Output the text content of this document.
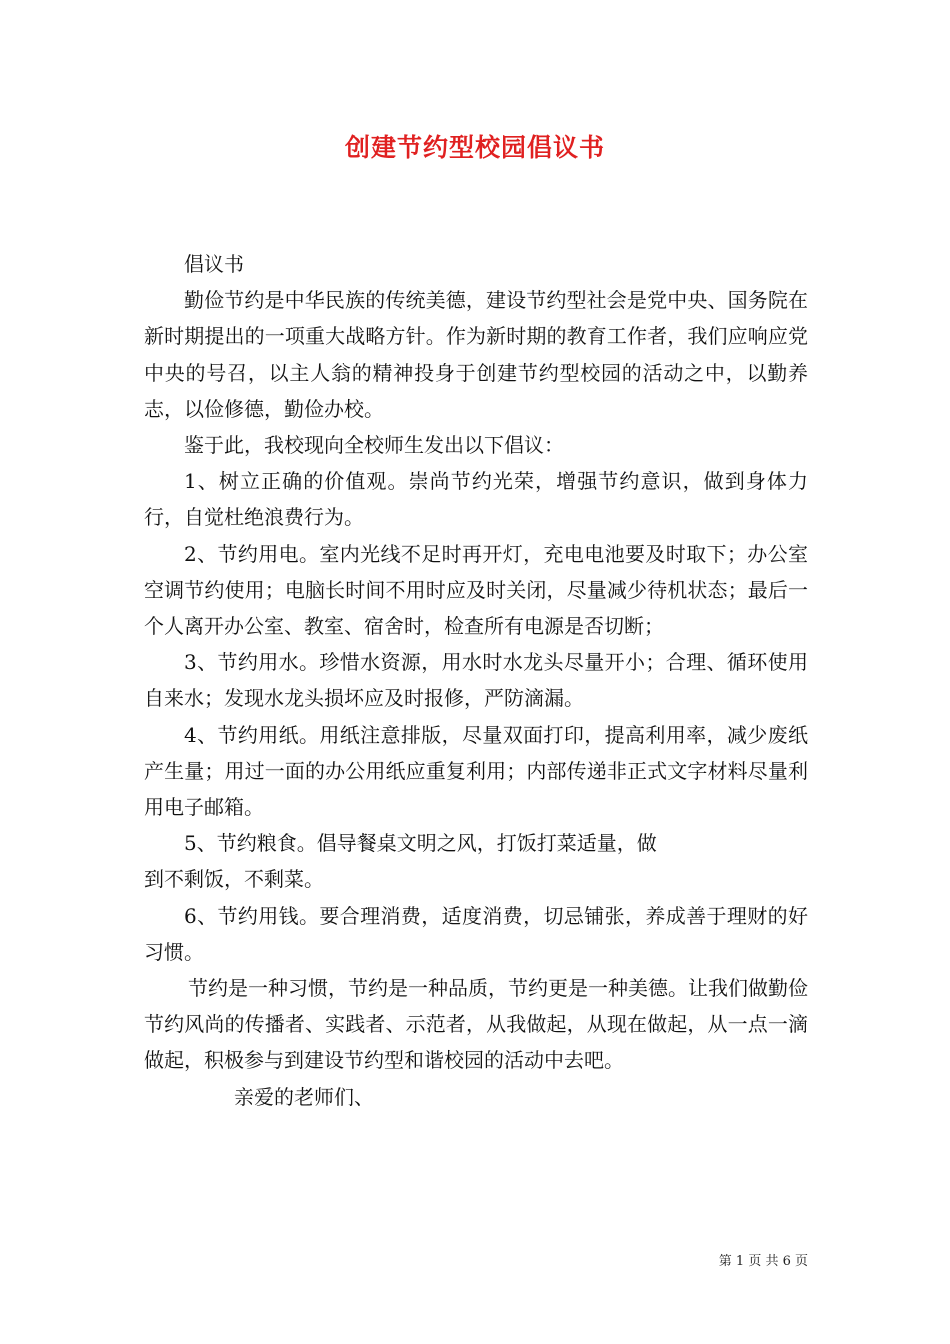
创建节约型校园倡议书

倡议书

勤俭节约是中华民族的传统美德，建设节约型社会是党中央、国务院在新时期提出的一项重大战略方针。作为新时期的教育工作者，我们应响应党中央的号召，以主人翁的精神投身于创建节约型校园的活动之中，以勤养志，以俭修德，勤俭办校。

鉴于此，我校现向全校师生发出以下倡议：

1、树立正确的价值观。崇尚节约光荣，增强节约意识，做到身体力行，自觉杜绝浪费行为。

2、节约用电。室内光线不足时再开灯，充电电池要及时取下；办公室空调节约使用；电脑长时间不用时应及时关闭，尽量减少待机状态；最后一个人离开办公室、教室、宿舍时，检查所有电源是否切断；

3、节约用水。珍惜水资源，用水时水龙头尽量开小；合理、循环使用自来水；发现水龙头损坏应及时报修，严防滴漏。

4、节约用纸。用纸注意排版，尽量双面打印，提高利用率，减少废纸产生量；用过一面的办公用纸应重复利用；内部传递非正式文字材料尽量利用电子邮箱。

5、节约粮食。倡导餐桌文明之风，打饭打菜适量，做

到不剩饭，不剩菜。

6、节约用钱。要合理消费，适度消费，切忌铺张，养成善于理财的好习惯。

节约是一种习惯，节约是一种品质，节约更是一种美德。让我们做勤俭节约风尚的传播者、实践者、示范者，从我做起，从现在做起，从一点一滴做起，积极参与到建设节约型和谐校园的活动中去吧。

亲爱的老师们、

第 1 页 共 6 页
